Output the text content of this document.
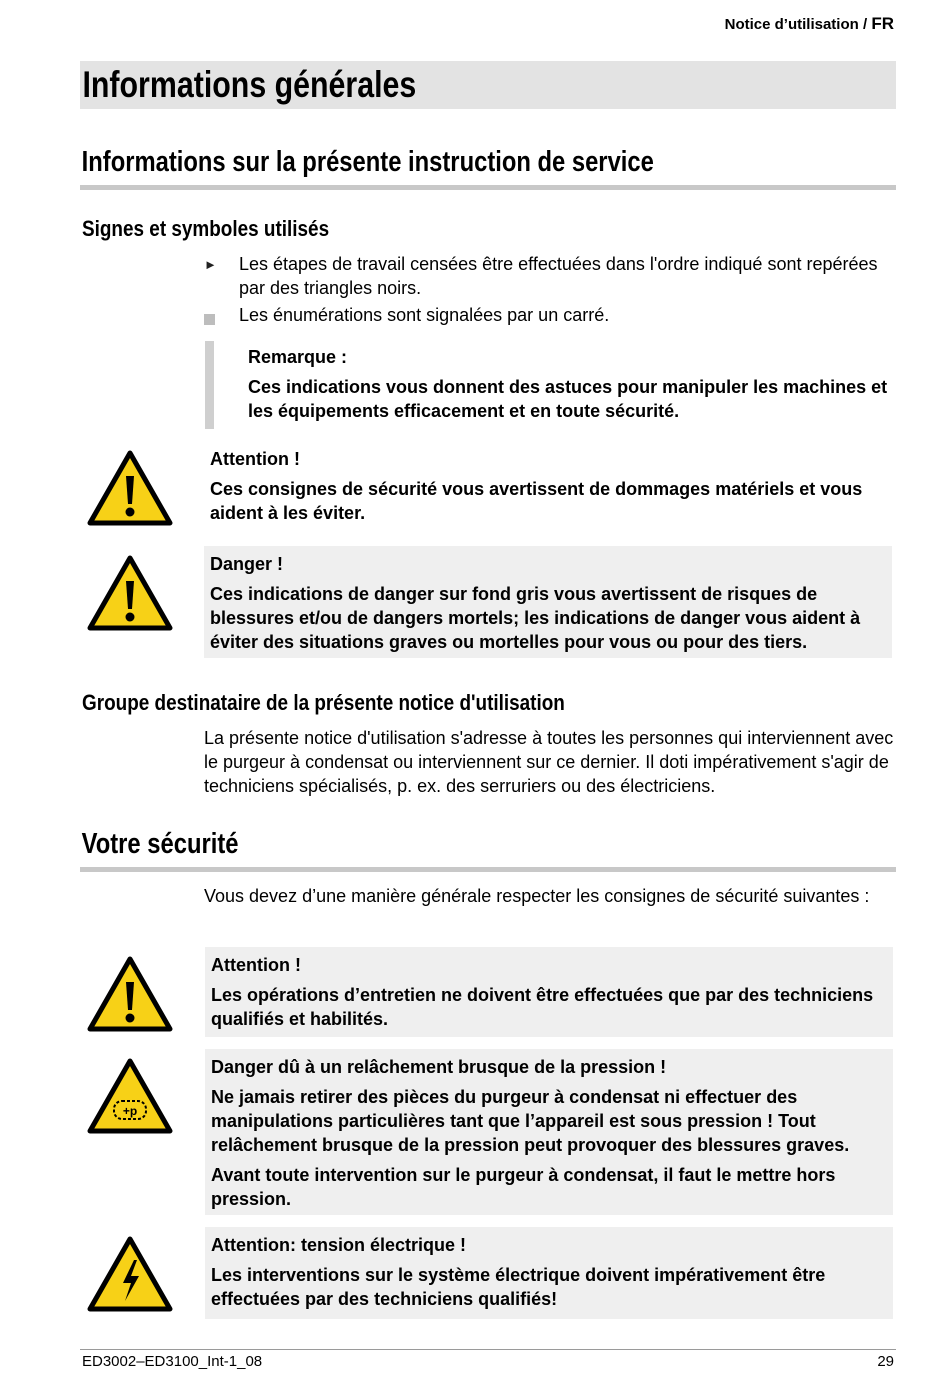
Notice d’utilisation / FR
Informations générales
Informations sur la présente instruction de service
Signes et symboles utilisés
►	Les étapes de travail censées être effectuées dans l'ordre indiqué sont repérées par des triangles noirs.
Les énumérations sont signalées par un carré.
Remarque :
Ces indications vous donnent des astuces pour manipuler les machines et les équipements efficacement et en toute sécurité.
Attention !
Ces consignes de sécurité vous avertissent de dommages matériels et vous aident à les éviter.
Danger !
Ces indications de danger sur fond gris vous avertissent de risques de blessures et/ou de dangers mortels; les indications de danger vous aident à éviter des situations graves ou mortelles pour vous ou pour des tiers.
Groupe destinataire de la présente notice d'utilisation
La présente notice d'utilisation s'adresse à toutes les personnes qui interviennent avec le purgeur à condensat ou interviennent sur ce dernier. Il doti impérativement s'agir de techniciens spécialisés, p. ex. des serruriers ou des électriciens.
Votre sécurité
Vous devez d’une manière générale respecter les consignes de sécurité suivantes :
Attention !
Les opérations d’entretien ne doivent être effectuées que par des techniciens qualifiés et habilités.
+p
Danger dû à un relâchement brusque de la pression !
Ne jamais retirer des pièces du purgeur à condensat ni effectuer des manipulations particulières tant que l’appareil est sous pression ! Tout relâchement brusque de la pression peut provoquer des blessures graves.
Avant toute intervention sur le purgeur à condensat, il faut le mettre hors pression.
Attention: tension électrique !
Les interventions sur le système électrique doivent impérativement être effectuées par des techniciens qualifiés!
ED3002–ED3100_Int-1_08	29
